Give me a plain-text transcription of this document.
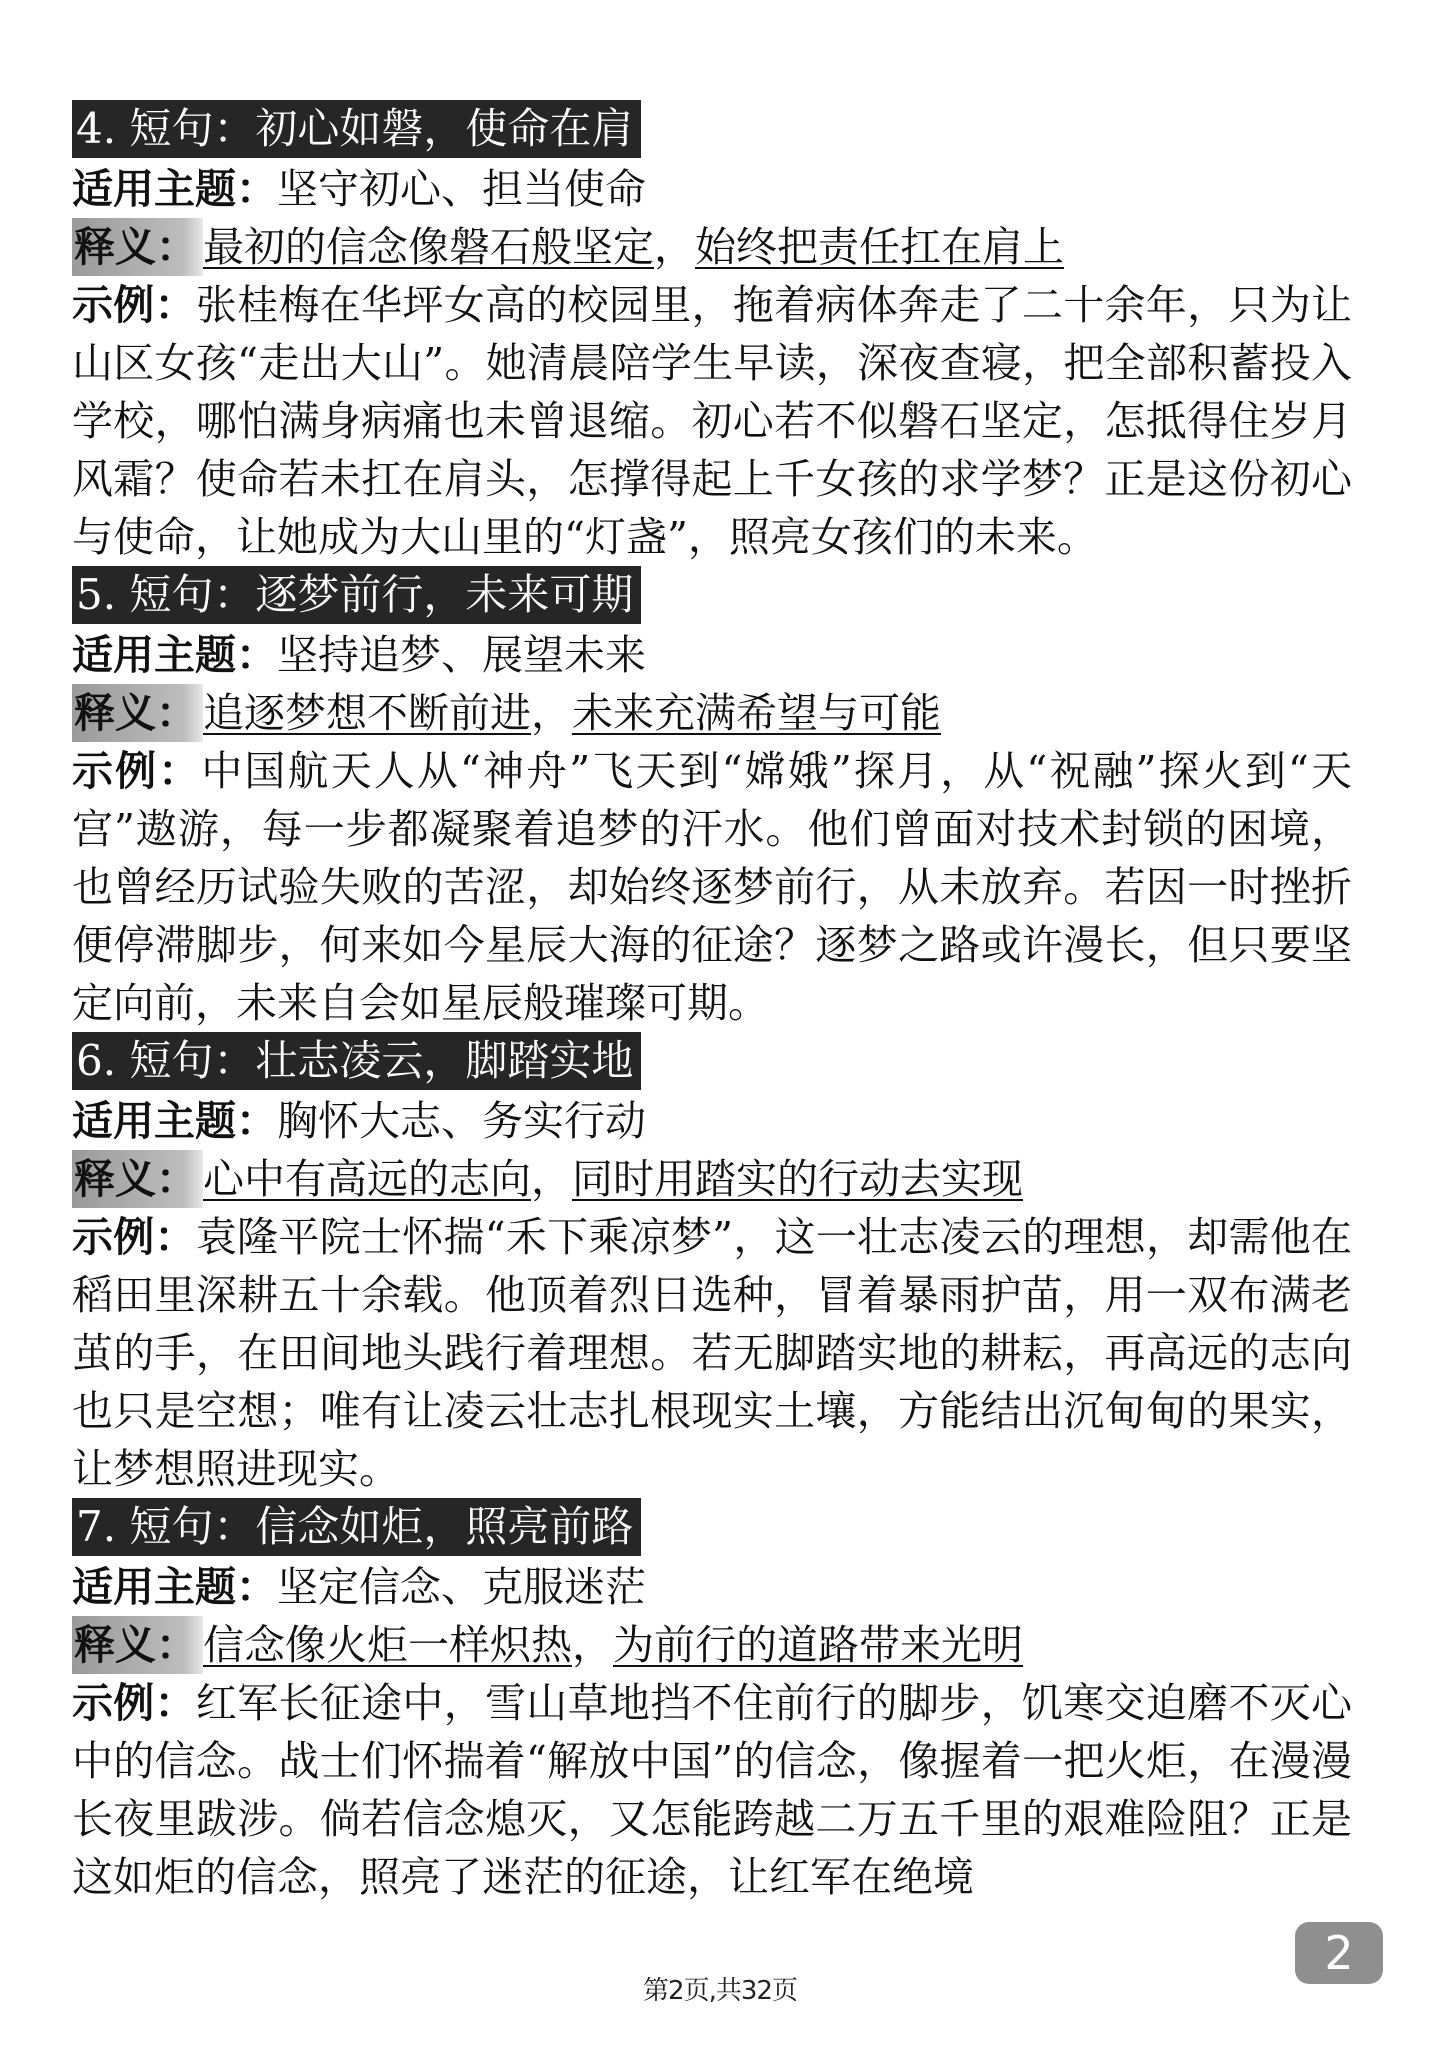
4. 短句：初心如磐，使命在肩

适用主题：坚守初心、担当使命

释义： 最初的信念像磐石般坚定，始终把责任扛在肩上

示例：张桂梅在华坪女高的校园里，拖着病体奔走了二十余年，只为让山区女孩“走出大山”。她清晨陪学生早读，深夜查寝，把全部积蓄投入学校，哪怕满身病痛也未曾退缩。初心若不似磐石坚定，怎抵得住岁月风霜？使命若未扛在肩头，怎撑得起上千女孩的求学梦？正是这份初心与使命，让她成为大山里的“灯盏”，照亮女孩们的未来。

5. 短句：逐梦前行，未来可期

适用主题：坚持追梦、展望未来

释义： 追逐梦想不断前进，未来充满希望与可能

示例：中国航天人从“神舟”飞天到“嫦娥”探月，从“祝融”探火到“天宫”遨游，每一步都凝聚着追梦的汗水。他们曾面对技术封锁的困境，也曾经历试验失败的苦涩，却始终逐梦前行，从未放弃。若因一时挫折便停滞脚步，何来如今星辰大海的征途？逐梦之路或许漫长，但只要坚定向前，未来自会如星辰般璀璨可期。

6. 短句：壮志凌云，脚踏实地

适用主题：胸怀大志、务实行动

释义： 心中有高远的志向，同时用踏实的行动去实现

示例：袁隆平院士怀揣“禾下乘凉梦”，这一壮志凌云的理想，却需他在稻田里深耕五十余载。他顶着烈日选种，冒着暴雨护苗，用一双布满老茧的手，在田间地头践行着理想。若无脚踏实地的耕耘，再高远的志向也只是空想；唯有让凌云壮志扎根现实土壤，方能结出沉甸甸的果实，让梦想照进现实。

7. 短句：信念如炬，照亮前路

适用主题：坚定信念、克服迷茫

释义： 信念像火炬一样炽热，为前行的道路带来光明

示例：红军长征途中，雪山草地挡不住前行的脚步，饥寒交迫磨不灭心中的信念。战士们怀揣着“解放中国”的信念，像握着一把火炬，在漫漫长夜里跋涉。倘若信念熄灭，又怎能跨越二万五千里的艰难险阻？正是这如炬的信念，照亮了迷茫的征途，让红军在绝境

2
第2页,共32页
